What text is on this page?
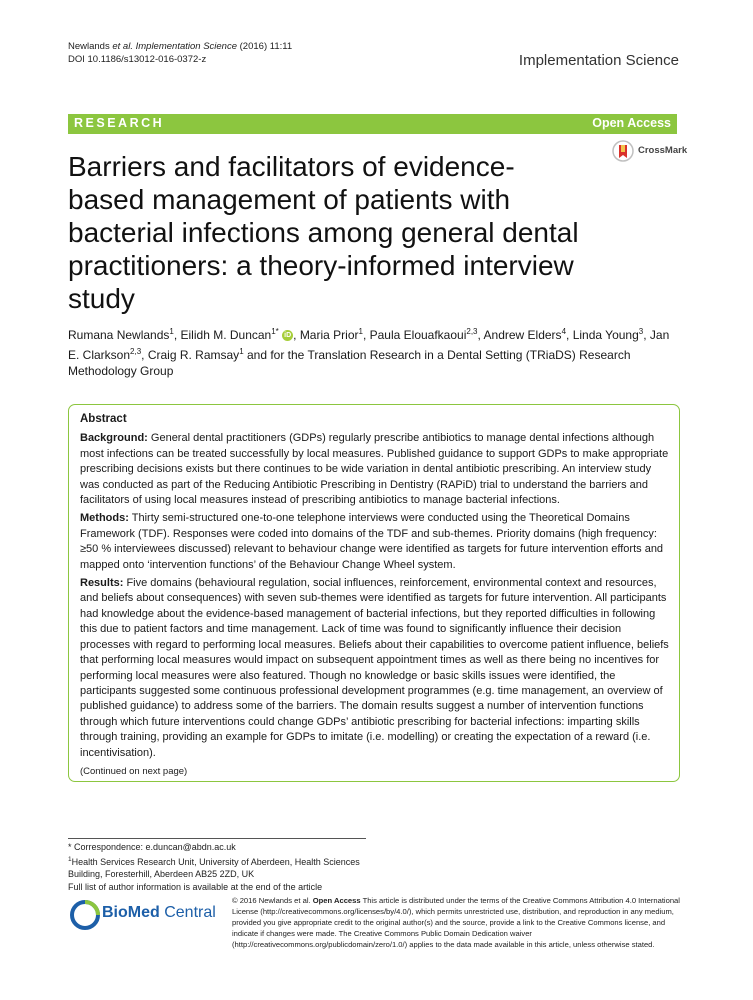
Newlands et al. Implementation Science (2016) 11:11
DOI 10.1186/s13012-016-0372-z	Implementation Science
RESEARCH	Open Access
CrossMark
Barriers and facilitators of evidence-based management of patients with bacterial infections among general dental practitioners: a theory-informed interview study
Rumana Newlands$^1$, Eilidh M. Duncan$^{1*}$ iD , Maria Prior$^1$, Paula Elouafkaoui$^{2,3}$, Andrew Elders$^4$, Linda Young$^3$, Jan E. Clarkson$^{2,3}$, Craig R. Ramsay$^1$ and for the Translation Research in a Dental Setting (TRiaDS) Research Methodology Group
Abstract

Background: General dental practitioners (GDPs) regularly prescribe antibiotics to manage dental infections although most infections can be treated successfully by local measures. Published guidance to support GDPs to make appropriate prescribing decisions exists but there continues to be wide variation in dental antibiotic prescribing. An interview study was conducted as part of the Reducing Antibiotic Prescribing in Dentistry (RAPiD) trial to understand the barriers and facilitators of using local measures instead of prescribing antibiotics to manage bacterial infections.

Methods: Thirty semi-structured one-to-one telephone interviews were conducted using the Theoretical Domains Framework (TDF). Responses were coded into domains of the TDF and sub-themes. Priority domains (high frequency: ≥50 % interviewees discussed) relevant to behaviour change were identified as targets for future intervention efforts and mapped onto ‘intervention functions’ of the Behaviour Change Wheel system.

Results: Five domains (behavioural regulation, social influences, reinforcement, environmental context and resources, and beliefs about consequences) with seven sub-themes were identified as targets for future intervention. All participants had knowledge about the evidence-based management of bacterial infections, but they reported difficulties in following this due to patient factors and time management. Lack of time was found to significantly influence their decision processes with regard to performing local measures. Beliefs about their capabilities to overcome patient influence, beliefs that performing local measures would impact on subsequent appointment times as well as there being no incentives for performing local measures were also featured. Though no knowledge or basic skills issues were identified, the participants suggested some continuous professional development programmes (e.g. time management, an overview of published guidance) to address some of the barriers. The domain results suggest a number of intervention functions through which future interventions could change GDPs’ antibiotic prescribing for bacterial infections: imparting skills through training, providing an example for GDPs to imitate (i.e. modelling) or creating the expectation of a reward (i.e. incentivisation).

(Continued on next page)
* Correspondence: e.duncan@abdn.ac.uk
$^1$Health Services Research Unit, University of Aberdeen, Health Sciences Building, Foresterhill, Aberdeen AB25 2ZD, UK
Full list of author information is available at the end of the article
BioMed Central
© 2016 Newlands et al. Open Access This article is distributed under the terms of the Creative Commons Attribution 4.0 International License (http://creativecommons.org/licenses/by/4.0/), which permits unrestricted use, distribution, and reproduction in any medium, provided you give appropriate credit to the original author(s) and the source, provide a link to the Creative Commons license, and indicate if changes were made. The Creative Commons Public Domain Dedication waiver (http://creativecommons.org/publicdomain/zero/1.0/) applies to the data made available in this article, unless otherwise stated.
